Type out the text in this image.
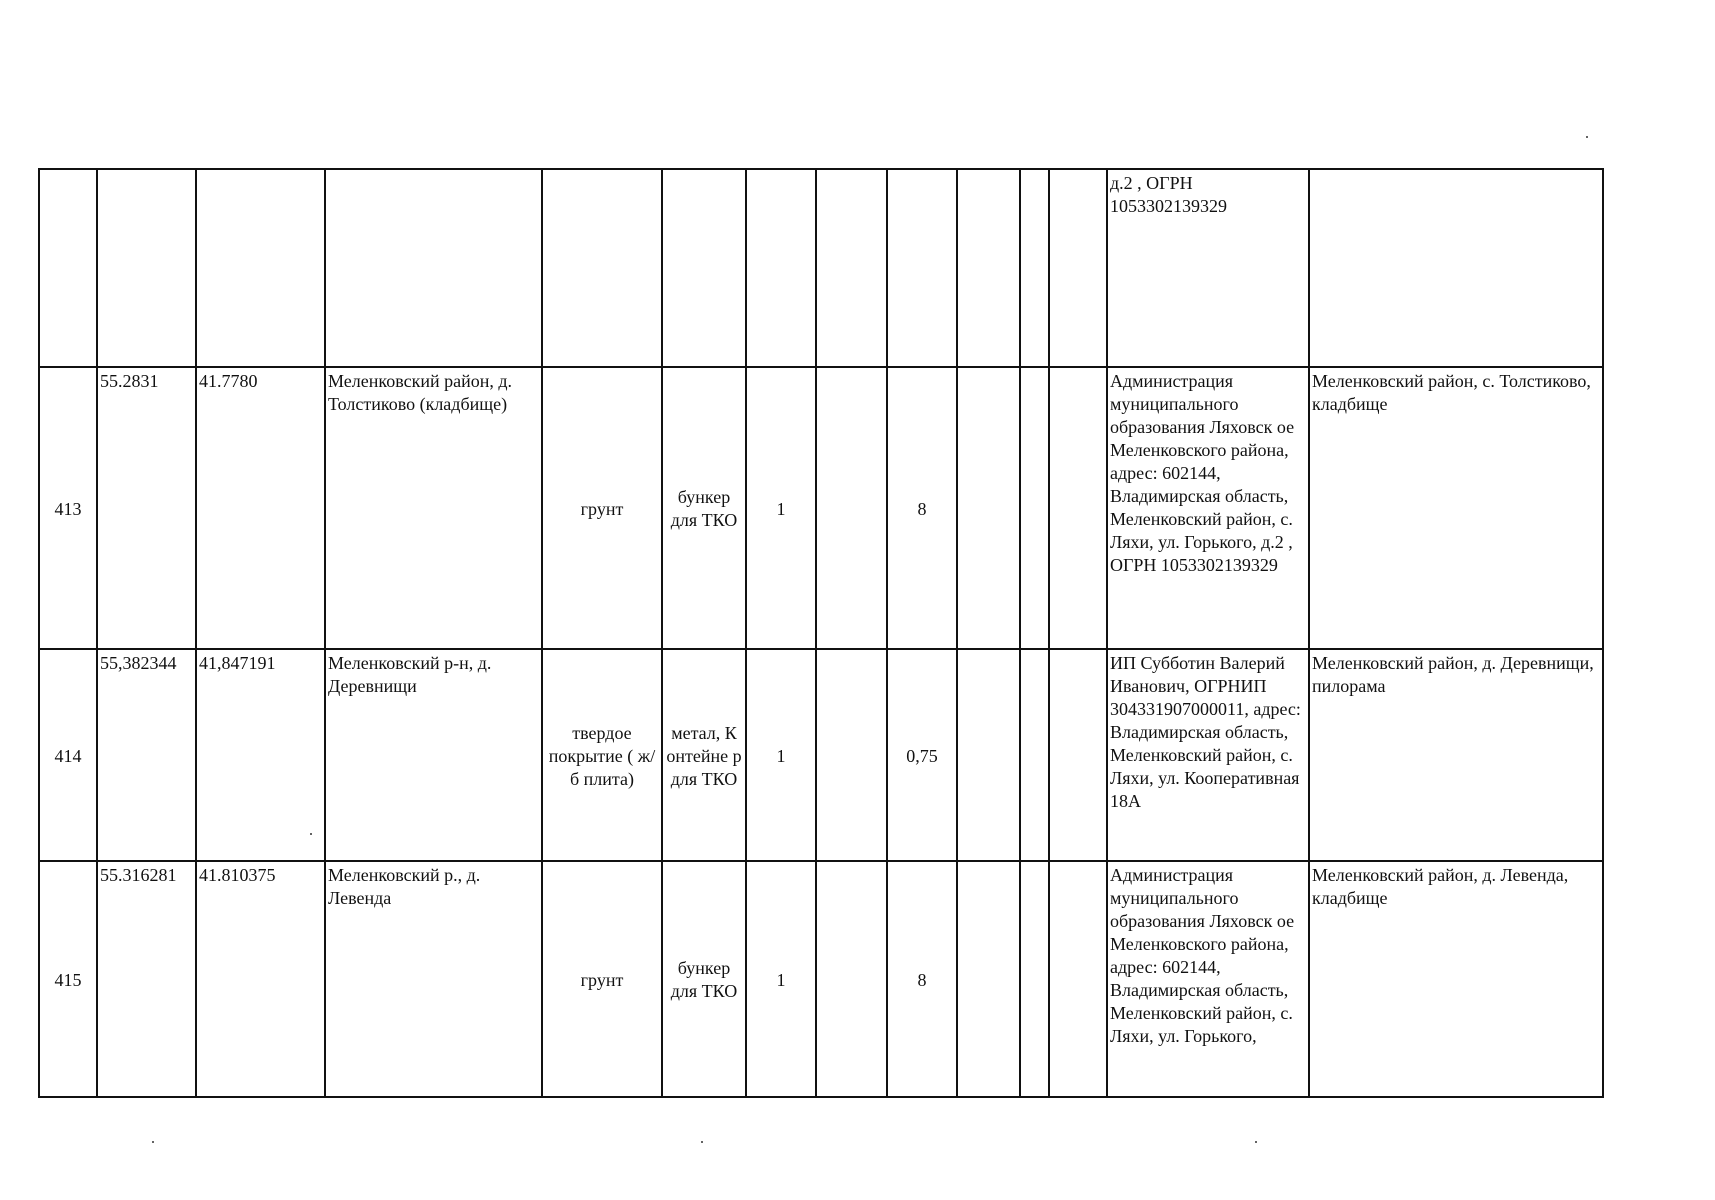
												д.2 , ОГРН
1053302139329	
413	55.2831	41.7780	Меленковский район, д. Толстиково (кладбище)	грунт	бункер для ТКО	1		8				Администрация муниципального образования Ляховск ое Меленковского района,
адрес: 602144, Владимирская область, Меленковский район, с. Ляхи, ул. Горького, д.2 , ОГРН 1053302139329	Меленковский район, с. Толстиково, кладбище
414	55,382344	41,847191	Меленковский р-н, д. Деревнищи	твердое покрытие ( ж/б плита)	метал, К онтейне р для ТКО	1		0,75				ИП Субботин Валерий Иванович, ОГРНИП 304331907000011, адрес: Владимирская область, Меленковский район, с. Ляхи, ул. Кооперативная 18А	Меленковский район, д. Деревнищи, пилорама
415	55.316281	41.810375	Меленковский р., д. Левенда	грунт	бункер для ТКО	1		8				Администрация муниципального образования Ляховск ое Меленковского района,
адрес: 602144, Владимирская область, Меленковский район, с. Ляхи, ул. Горького,	Меленковский район, д. Левенда, кладбище
